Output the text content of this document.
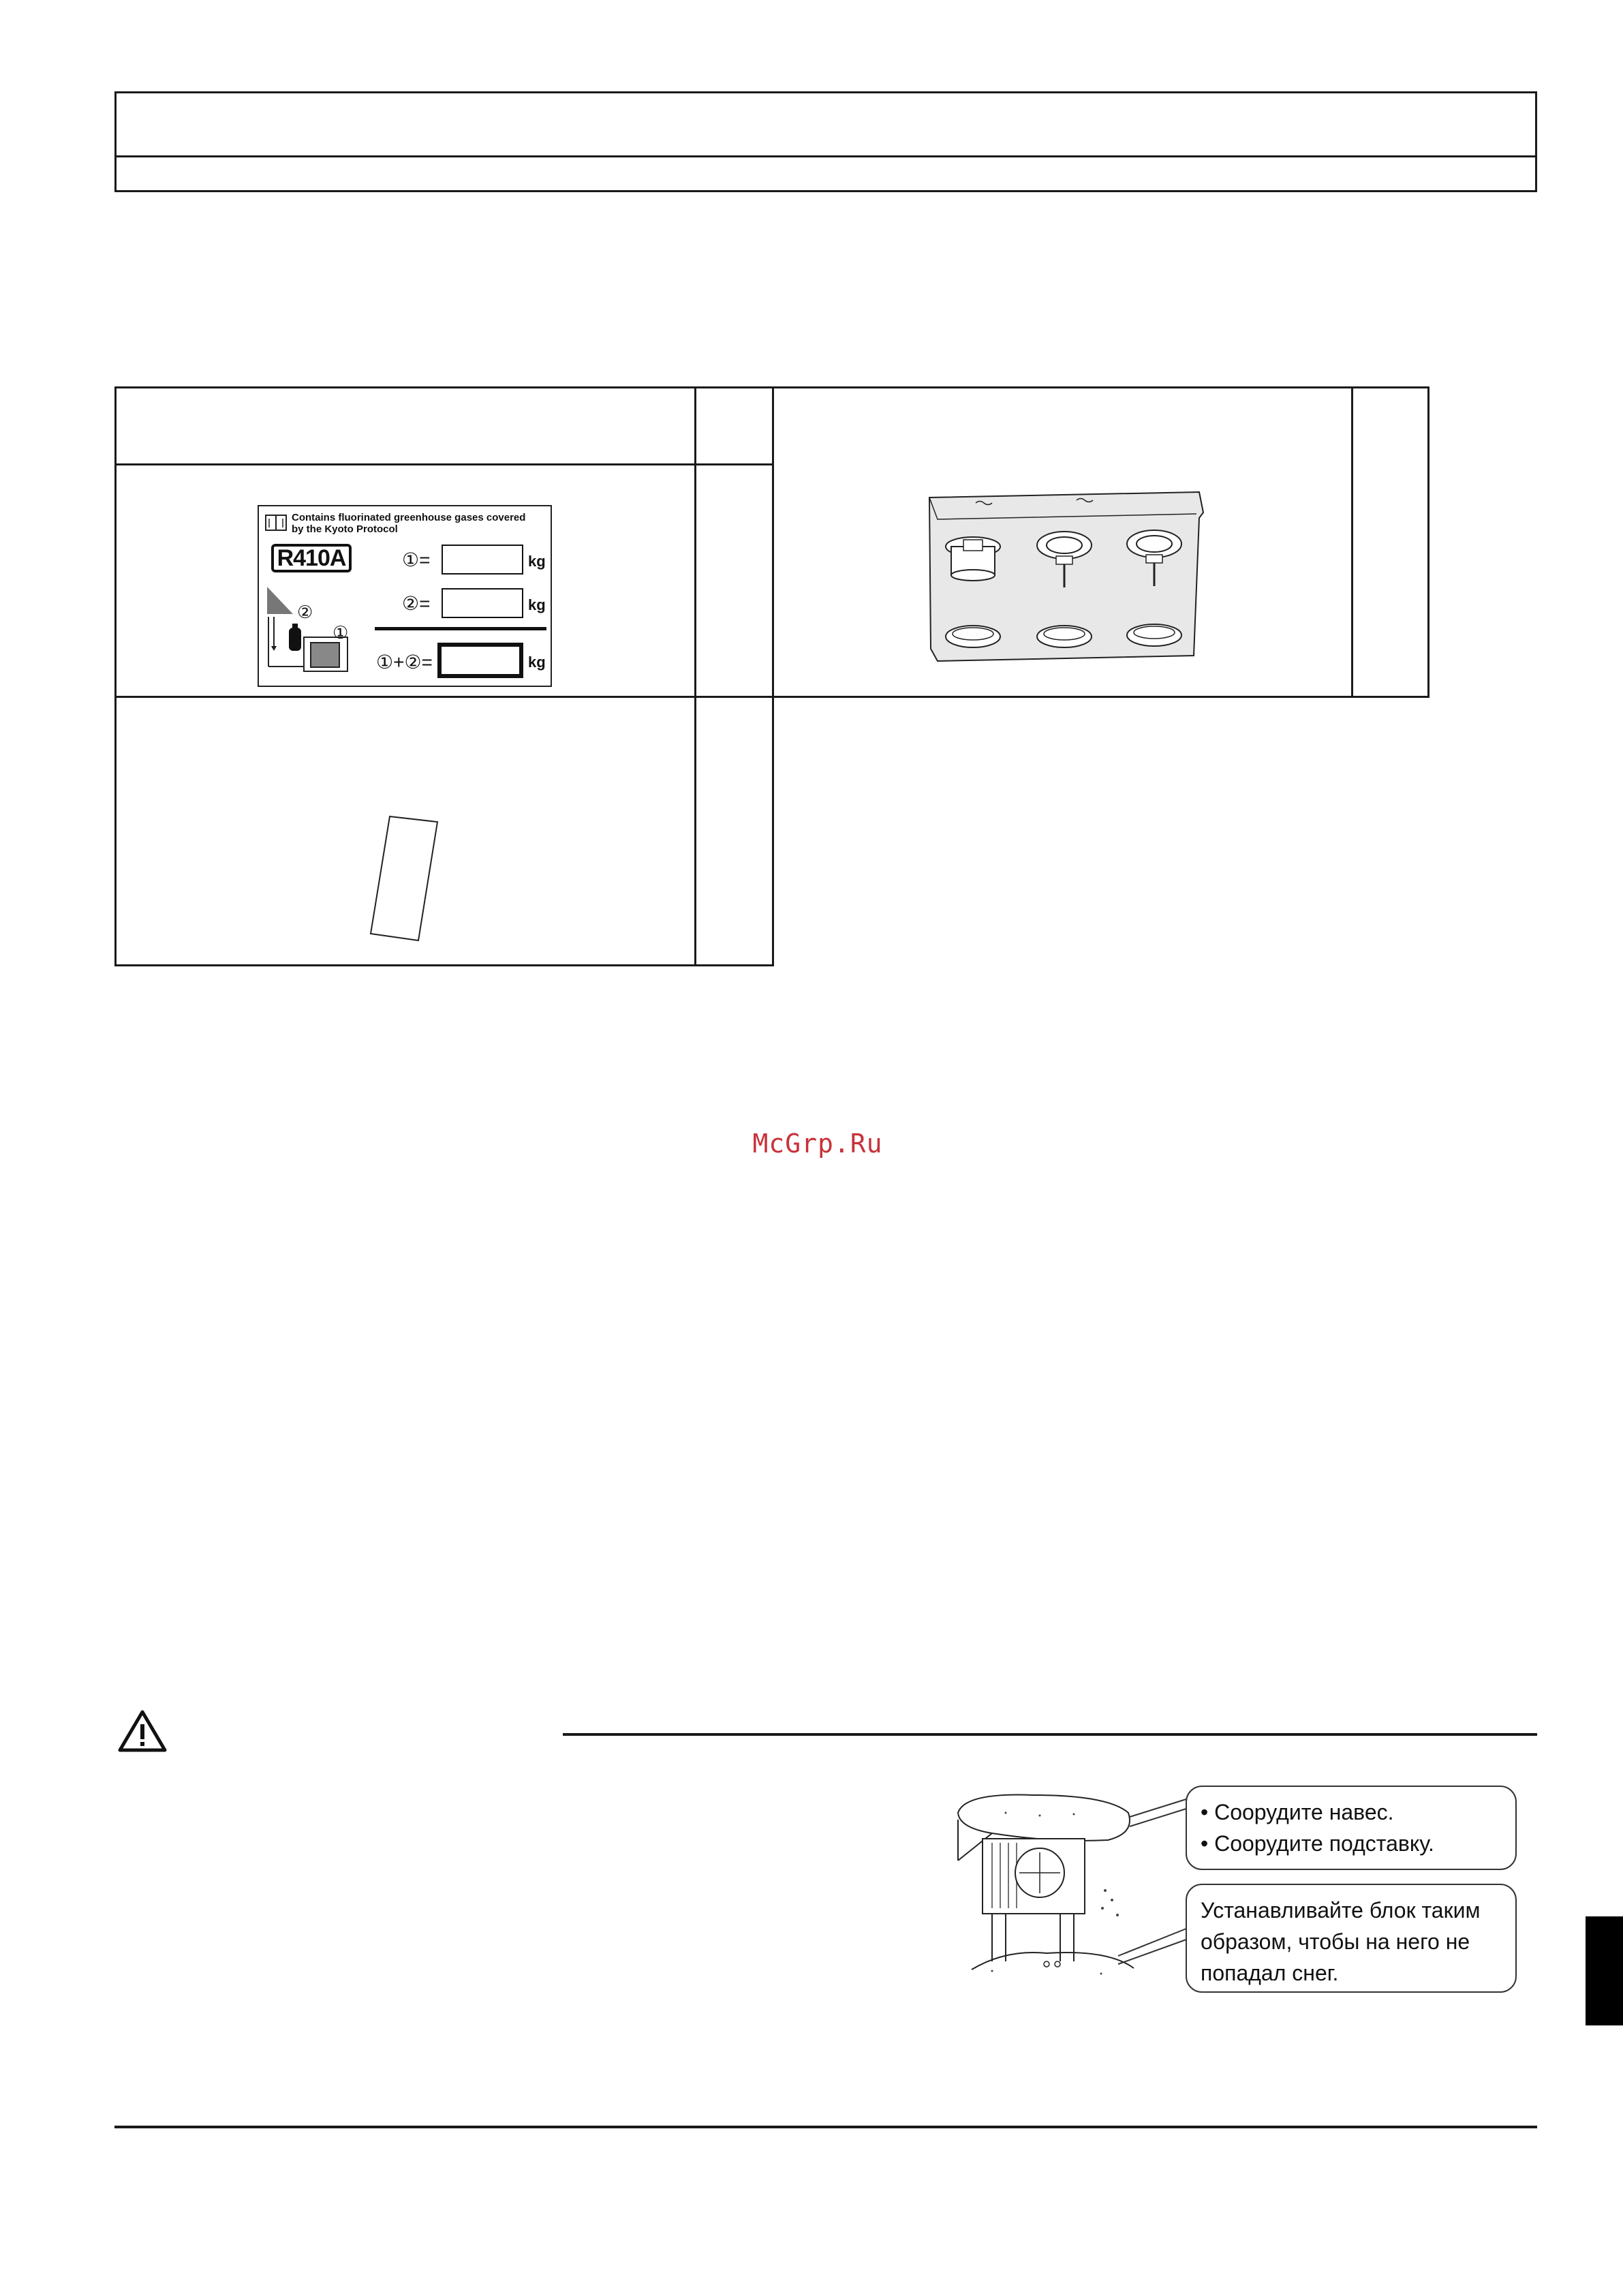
Contains fluorinated greenhouse gases covered
by the Kyoto Protocol
R410A	①=	kg
②=	kg
①+②=	kg
②
①
McGrp.Ru
• Соорудите навес.
• Соорудите подставку.
Устанавливайте блок таким
образом, чтобы на него не
попадал снег.
